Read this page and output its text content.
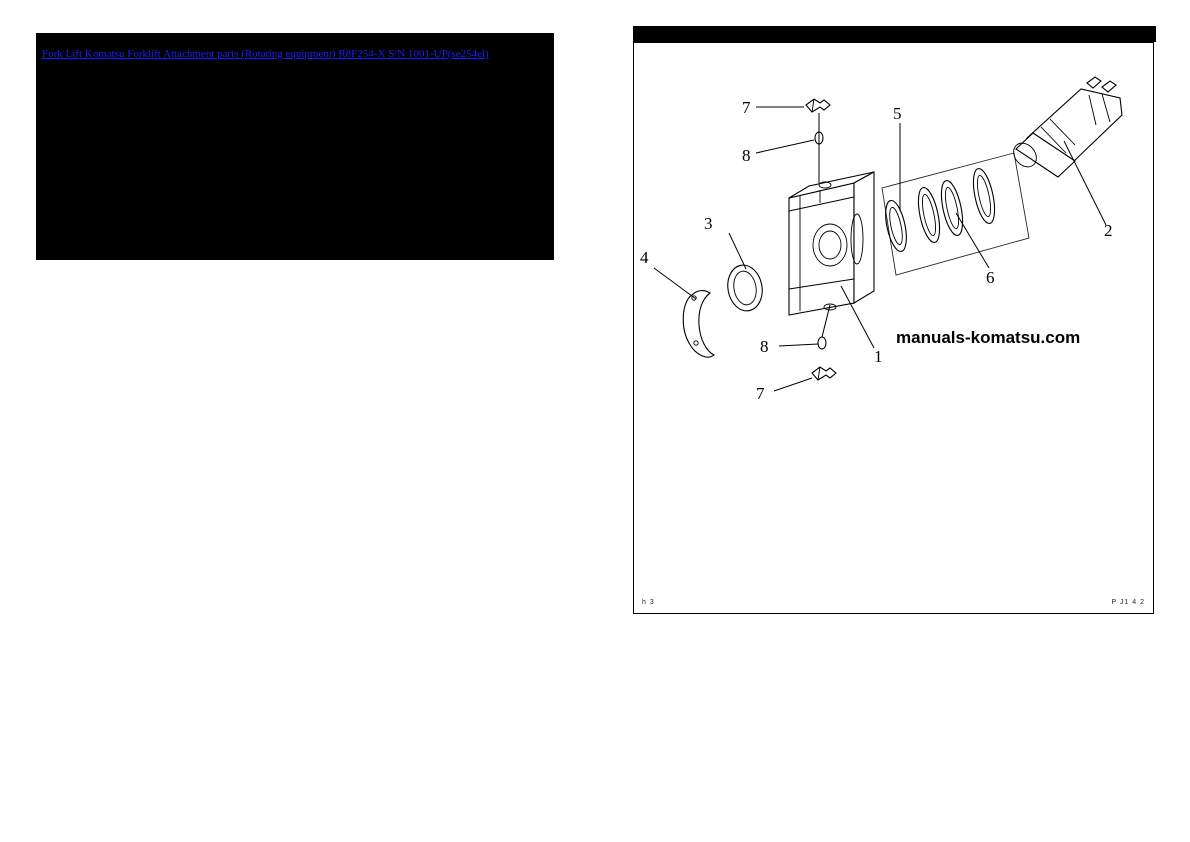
Fork Lift Komatsu Forklift Attachment parts (Rotating equipment) R8F254-X S/N 1001-UP(se254el)
7
8
5
2
6
3
4
1
8
7
manuals-komatsu.com
h 3	P J1 4 2
